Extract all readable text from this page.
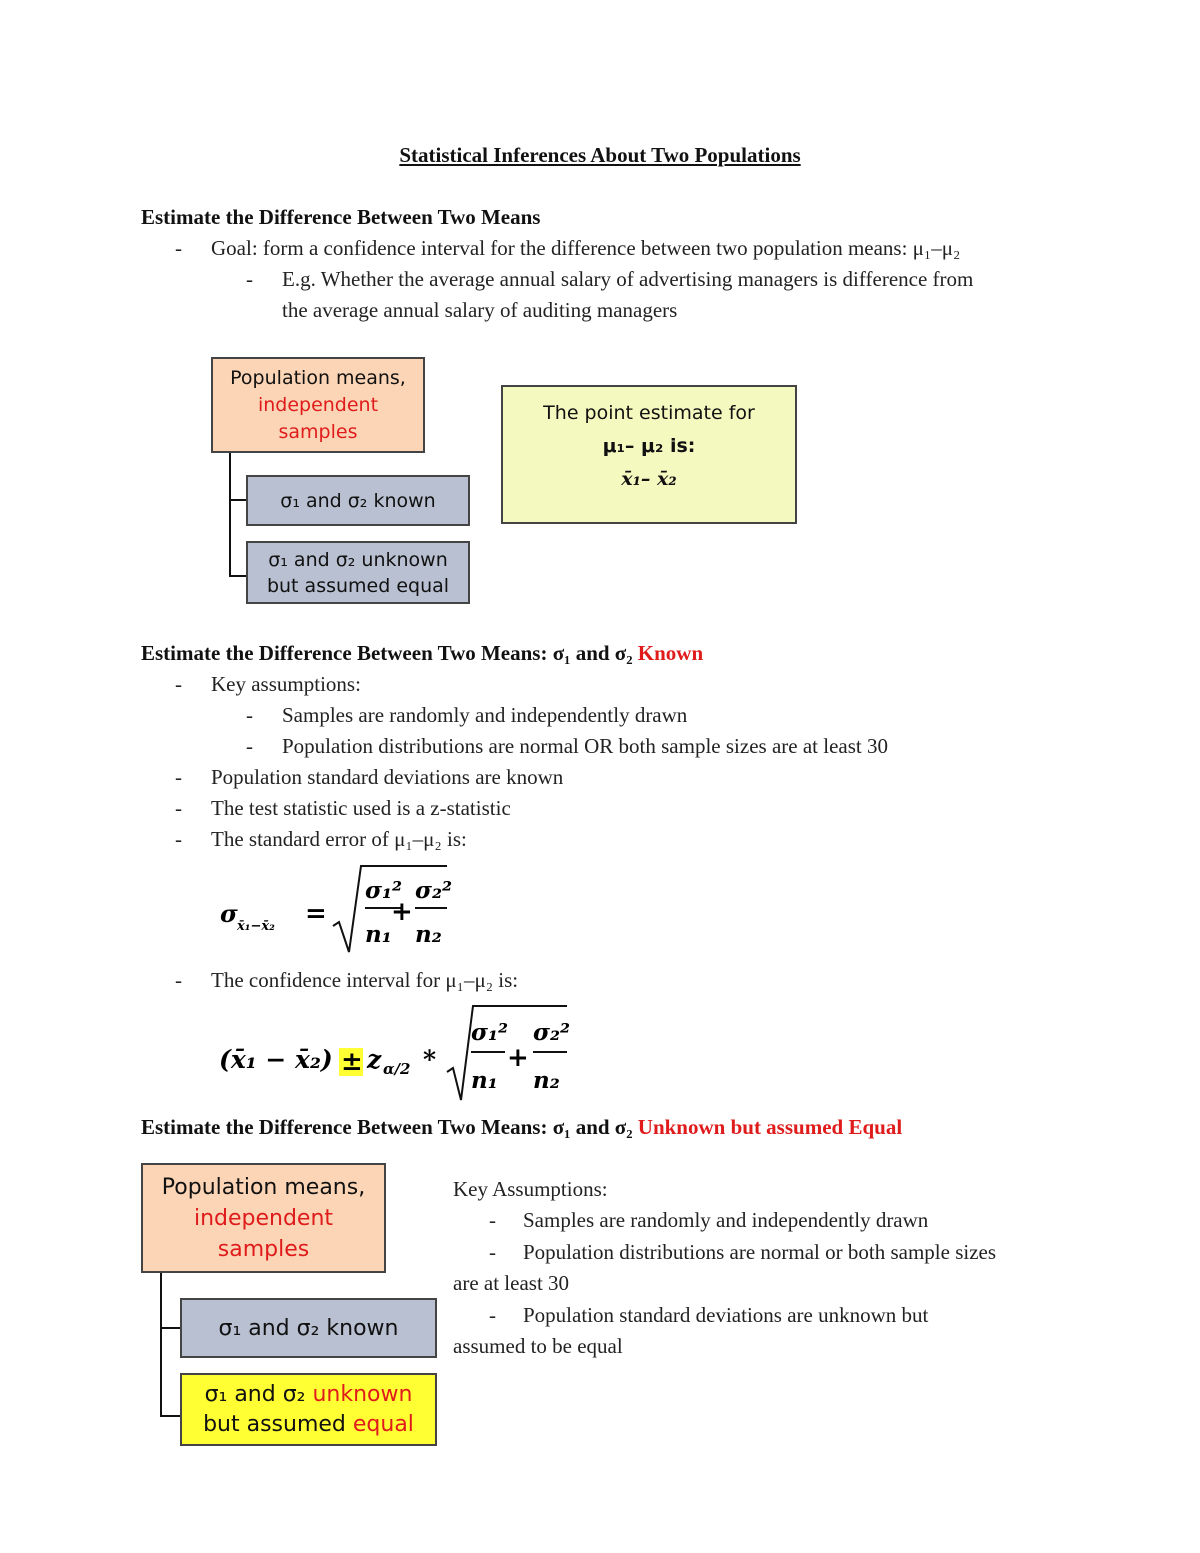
Statistical Inferences About Two Populations
Estimate the Difference Between Two Means
- Goal: form a confidence interval for the difference between two population means: μ₁–μ₂
- E.g. Whether the average annual salary of advertising managers is difference from
the average annual salary of auditing managers
Population means,
independent
samples
σ₁ and σ₂ known
σ₁ and σ₂ unknown
but assumed equal
The point estimate for
μ₁– μ₂ is:
x̄₁– x̄₂
Estimate the Difference Between Two Means: σ₁ and σ₂ Known
- Key assumptions:
- Samples are randomly and independently drawn
- Population distributions are normal OR both sample sizes are at least 30
- Population standard deviations are known
- The test statistic used is a z-statistic
- The standard error of μ₁–μ₂ is:
σ x̄₁−x̄₂ =
σ₁²
n₁
+
σ₂²
n₂
- The confidence interval for μ₁–μ₂ is:
(x̄₁ − x̄₂) ± z α/2 *
σ₁²
n₁
+
σ₂²
n₂
Estimate the Difference Between Two Means: σ₁ and σ₂ Unknown but assumed Equal
Population means,
independent
samples
σ₁ and σ₂ known
σ₁ and σ₂ unknown
but assumed equal
Key Assumptions:
- Samples are randomly and independently drawn
- Population distributions are normal or both sample sizes
are at least 30
- Population standard deviations are unknown but
assumed to be equal
